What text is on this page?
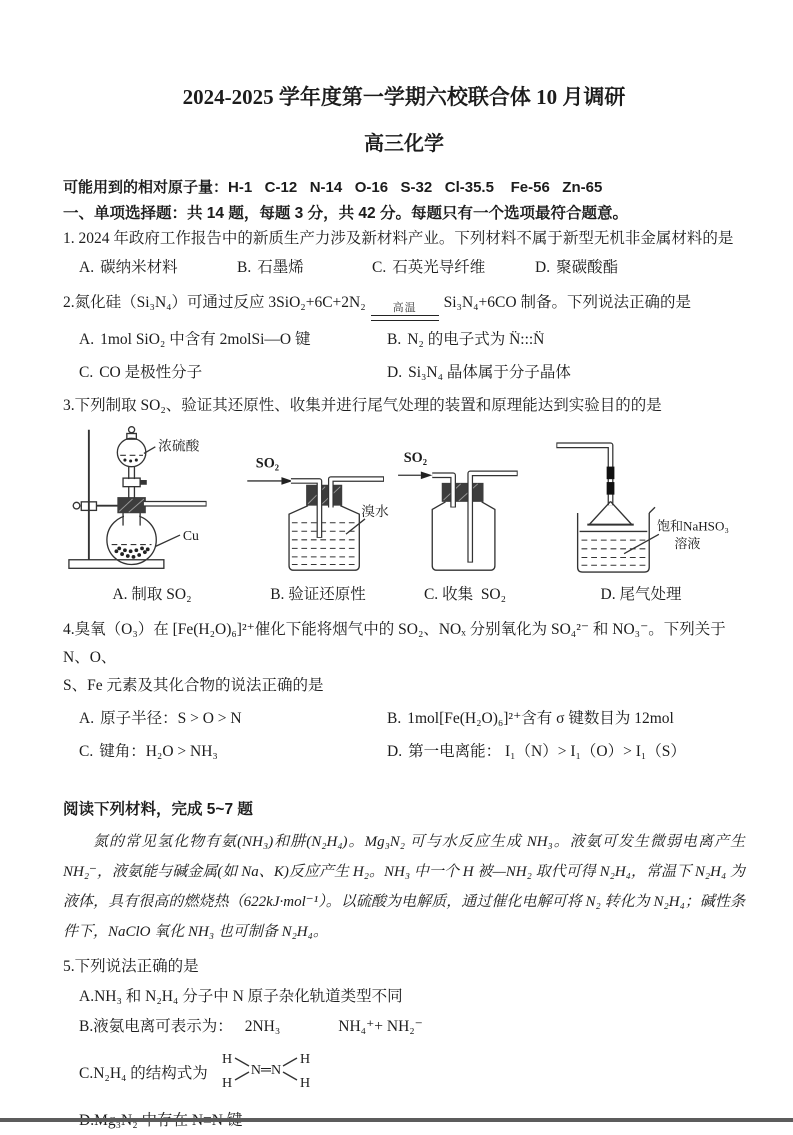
2024-2025 学年度第一学期六校联合体 10 月调研
高三化学
可能用到的相对原子量：H-1   C-12   N-14   O-16   S-32   Cl-35.5    Fe-56   Zn-65
一、单项选择题：共 14 题，每题 3 分，共 42 分。每题只有一个选项最符合题意。
1. 2024 年政府工作报告中的新质生产力涉及新材料产业。下列材料不属于新型无机非金属材料的是
A. 碳纳米材料	B. 石墨烯	C. 石英光导纤维	D. 聚碳酸酯
2.氮化硅（Si₃N₄）可通过反应 3SiO₂+6C+2N₂ 高温 Si₃N₄+6CO 制备。下列说法正确的是
A. 1mol SiO₂ 中含有 2molSi—O 键	B. N₂ 的电子式为 N̈:::N̈
C. CO 是极性分子	D. Si₃N₄ 晶体属于分子晶体
3.下列制取 SO₂、验证其还原性、收集并进行尾气处理的装置和原理能达到实验目的的是
浓硫酸
Cu
SO₂
溴水
SO₂
饱和NaHSO₃
溶液
A. 制取 SO₂	B. 验证还原性	C. 收集  SO₂	D. 尾气处理
4.臭氧（O₃）在 [Fe(H₂O)₆]²⁺催化下能将烟气中的 SO₂、NOₓ 分别氧化为 SO₄²⁻ 和 NO₃⁻。下列关于 N、O、
S、Fe 元素及其化合物的说法正确的是
A. 原子半径：S > O > N	B. 1mol[Fe(H₂O)₆]²⁺含有 σ 键数目为 12mol
C. 键角：H₂O > NH₃	D. 第一电离能： I₁（N）> I₁（O）> I₁（S）
阅读下列材料，完成 5~7 题
氮的常见氢化物有氨(NH₃)和肼(N₂H₄)。Mg₃N₂ 可与水反应生成 NH₃。液氨可发生微弱电离产生NH₂⁻，液氨能与碱金属(如 Na、K)反应产生 H₂。NH₃ 中一个 H 被—NH₂ 取代可得 N₂H₄，常温下 N₂H₄ 为液体，具有很高的燃烧热（622kJ·mol⁻¹）。以硫酸为电解质，通过催化电解可将 N₂ 转化为 N₂H₄；碱性条件下，NaClO 氧化 NH₃ 也可制备 N₂H₄。
5.下列说法正确的是
A. NH₃ 和 N₂H₄ 分子中 N 原子杂化轨道类型不同
B. 液氨电离可表示为： 2NH₃	NH₄⁺+ NH₂⁻
C. N₂H₄ 的结构式为
H
H
N═N
H
H
